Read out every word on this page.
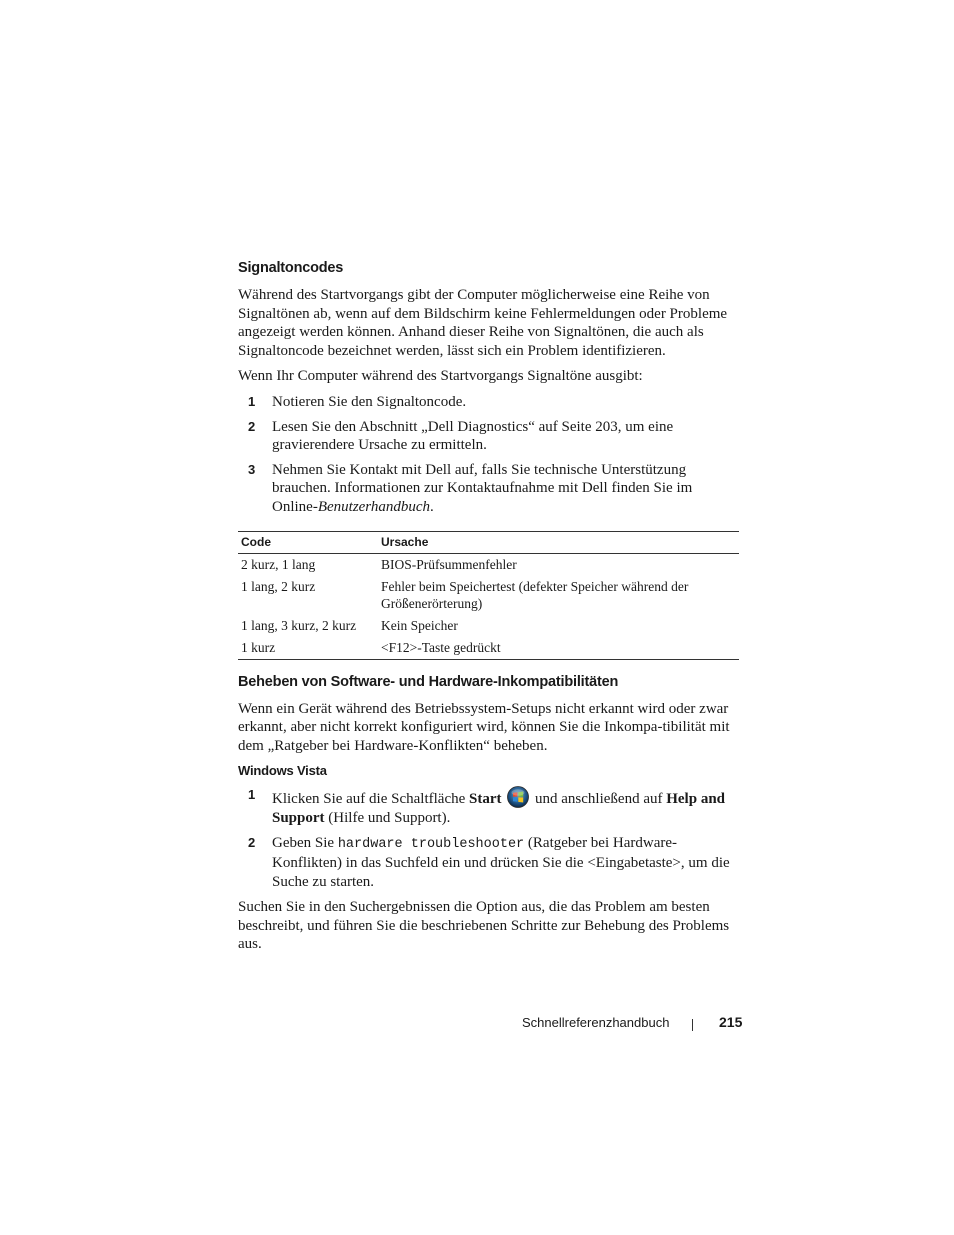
Signaltoncodes

Während des Startvorgangs gibt der Computer möglicherweise eine Reihe von Signaltönen ab, wenn auf dem Bildschirm keine Fehlermeldungen oder Probleme angezeigt werden können. Anhand dieser Reihe von Signaltönen, die auch als Signaltoncode bezeichnet werden, lässt sich ein Problem identifizieren.

Wenn Ihr Computer während des Startvorgangs Signaltöne ausgibt:

1 Notieren Sie den Signaltoncode.
2 Lesen Sie den Abschnitt „Dell Diagnostics“ auf Seite 203, um eine gravierendere Ursache zu ermitteln.
3 Nehmen Sie Kontakt mit Dell auf, falls Sie technische Unterstützung brauchen. Informationen zur Kontaktaufnahme mit Dell finden Sie im Online-Benutzerhandbuch.
Code	Ursache
2 kurz, 1 lang	BIOS-Prüfsummenfehler
1 lang, 2 kurz	Fehler beim Speichertest (defekter Speicher während der Größenerörterung)
1 lang, 3 kurz, 2 kurz	Kein Speicher
1 kurz	<F12>-Taste gedrückt
Beheben von Software- und Hardware-Inkompatibilitäten

Wenn ein Gerät während des Betriebssystem-Setups nicht erkannt wird oder zwar erkannt, aber nicht korrekt konfiguriert wird, können Sie die Inkompa-tibilität mit dem „Ratgeber bei Hardware-Konflikten“ beheben.

Windows Vista
1 Klicken Sie auf die Schaltfläche Start  und anschließend auf Help and Support (Hilfe und Support).
2 Geben Sie hardware troubleshooter (Ratgeber bei Hardware-Konflikten) in das Suchfeld ein und drücken Sie die <Eingabetaste>, um die Suche zu starten.

Suchen Sie in den Suchergebnissen die Option aus, die das Problem am besten beschreibt, und führen Sie die beschriebenen Schritte zur Behebung des Problems aus.

Schnellreferenzhandbuch	215
